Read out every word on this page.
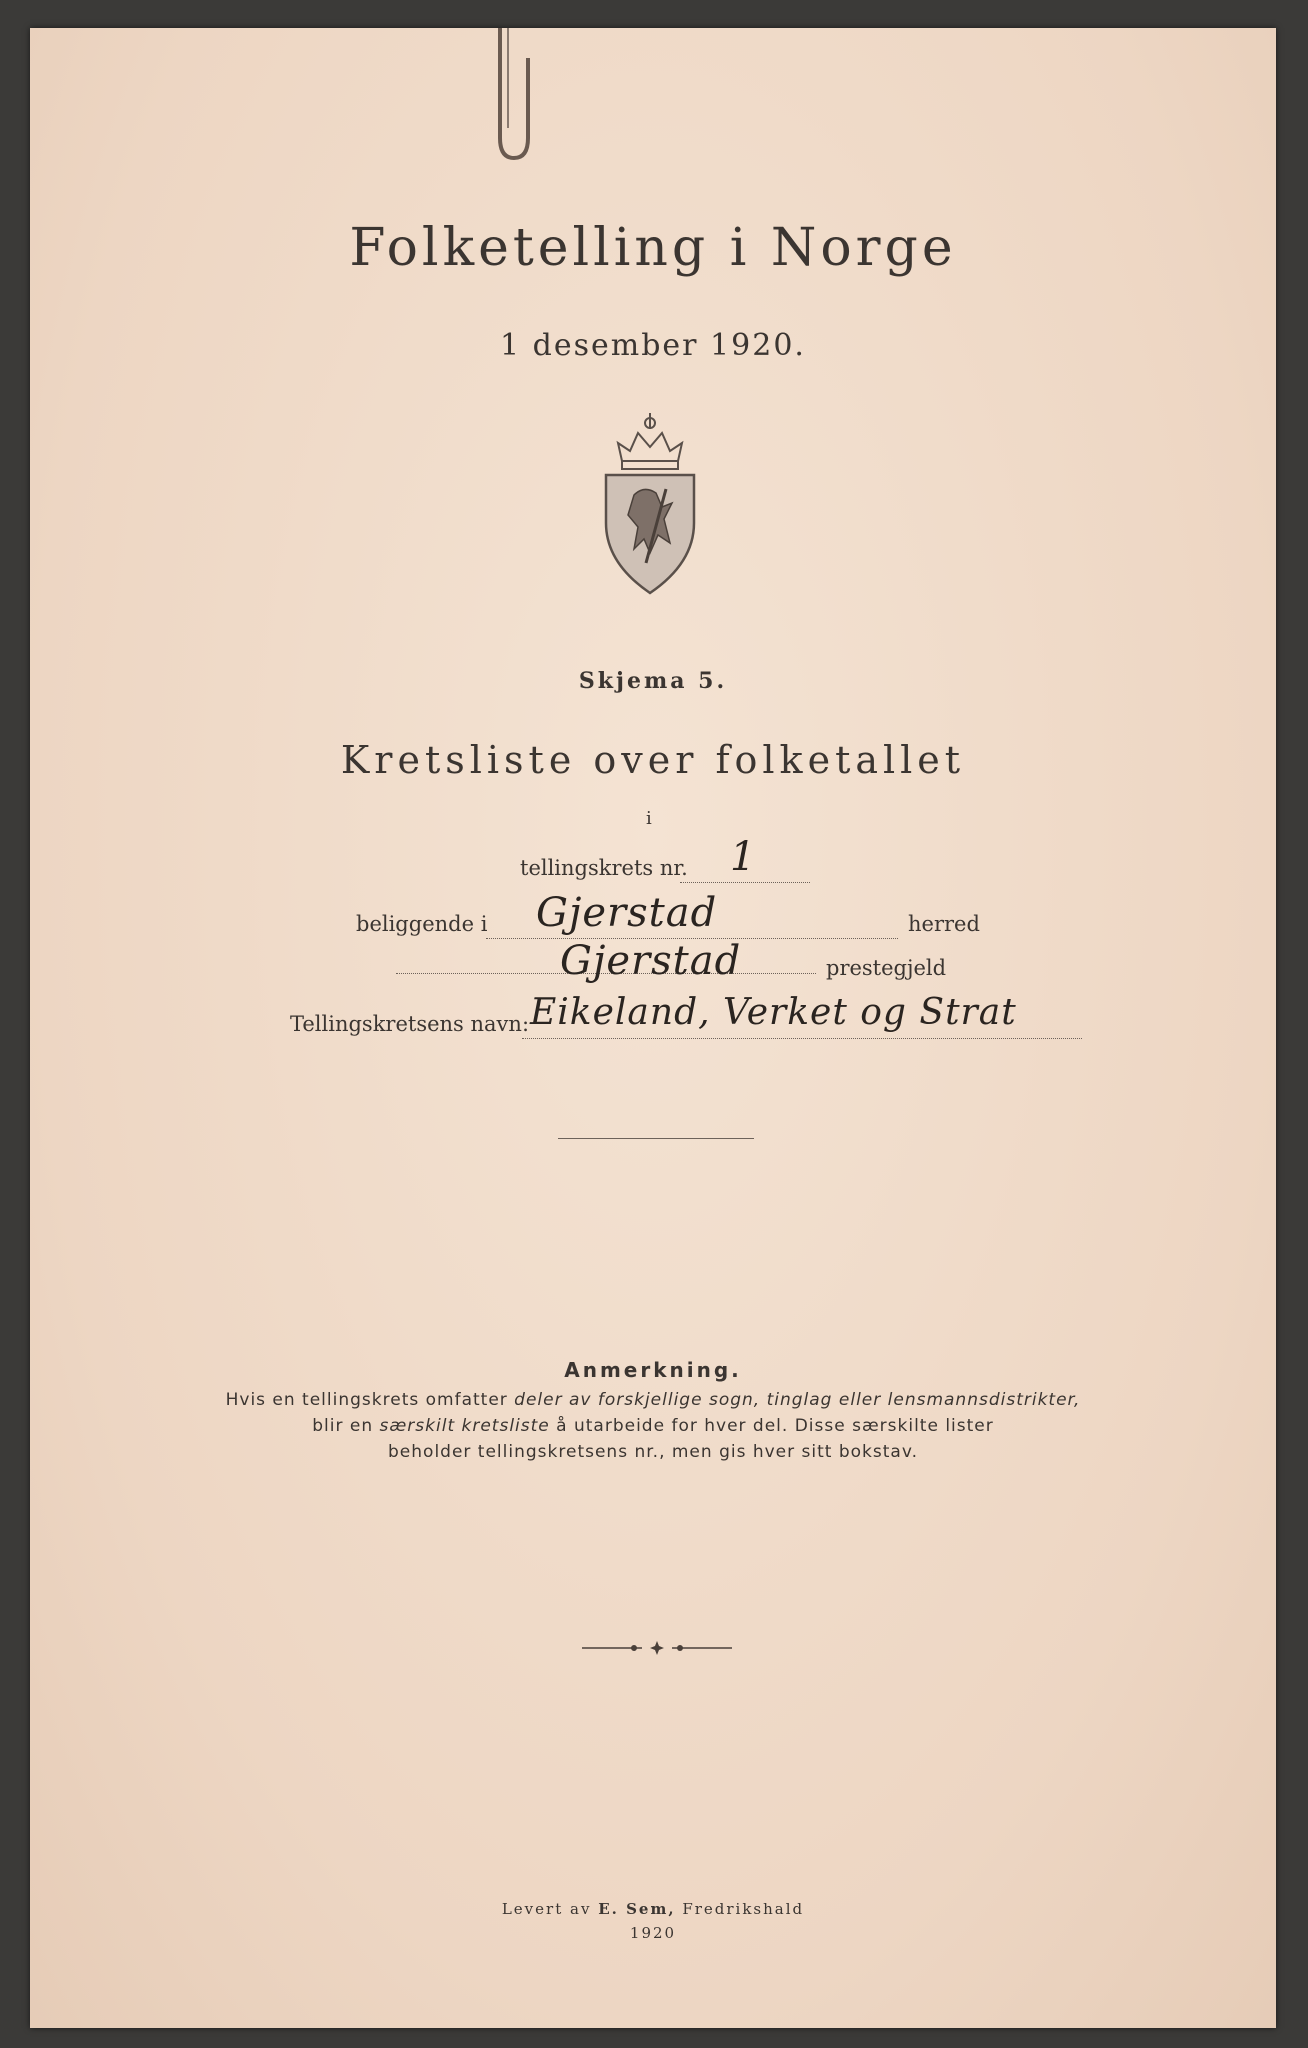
Folketelling i Norge
1 desember 1920.
Skjema 5.
Kretsliste over folketallet
i
tellingskrets nr. 1
beliggende i Gjerstad	herred
Gjerstad	prestegjeld
Tellingskretsens navn: Eikeland, Verket og Strat
Anmerkning.
Hvis en tellingskrets omfatter deler av forskjellige sogn, tinglag eller lensmannsdistrikter,
blir en særskilt kretsliste å utarbeide for hver del. Disse særskilte lister
beholder tellingskretsens nr., men gis hver sitt bokstav.
Levert av E. Sem, Fredrikshald
1920
